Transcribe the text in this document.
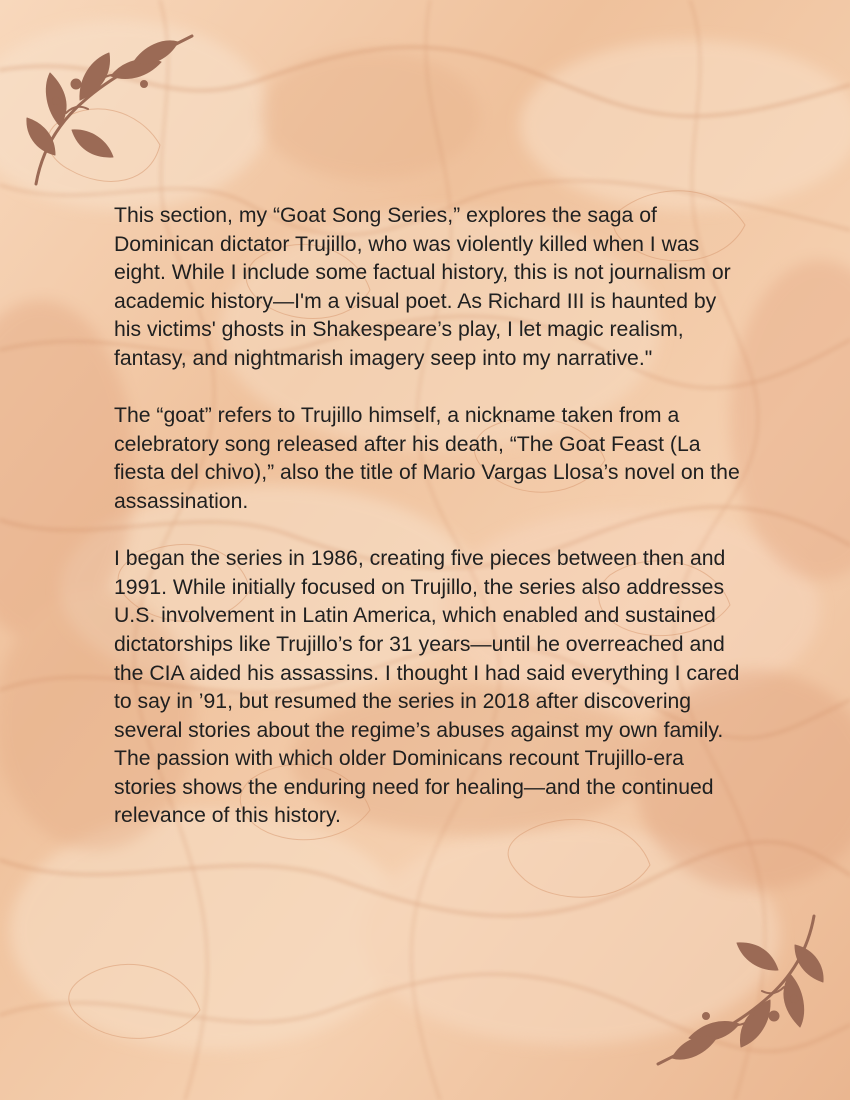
This section, my “Goat Song Series,” explores the saga of Dominican dictator Trujillo, who was violently killed when I was eight. While I include some factual history, this is not journalism or academic history—I'm a visual poet. As Richard III is haunted by his victims' ghosts in Shakespeare’s play, I let magic realism, fantasy, and nightmarish imagery seep into my narrative."

The “goat” refers to Trujillo himself, a nickname taken from a celebratory song released after his death, “The Goat Feast (La fiesta del chivo),” also the title of Mario Vargas Llosa’s novel on the assassination.

I began the series in 1986, creating five pieces between then and 1991. While initially focused on Trujillo, the series also addresses U.S. involvement in Latin America, which enabled and sustained dictatorships like Trujillo’s for 31 years—until he overreached and the CIA aided his assassins. I thought I had said everything I cared to say in ’91, but resumed the series in 2018 after discovering several stories about the regime’s abuses against my own family. The passion with which older Dominicans recount Trujillo-era stories shows the enduring need for healing—and the continued relevance of this history.
